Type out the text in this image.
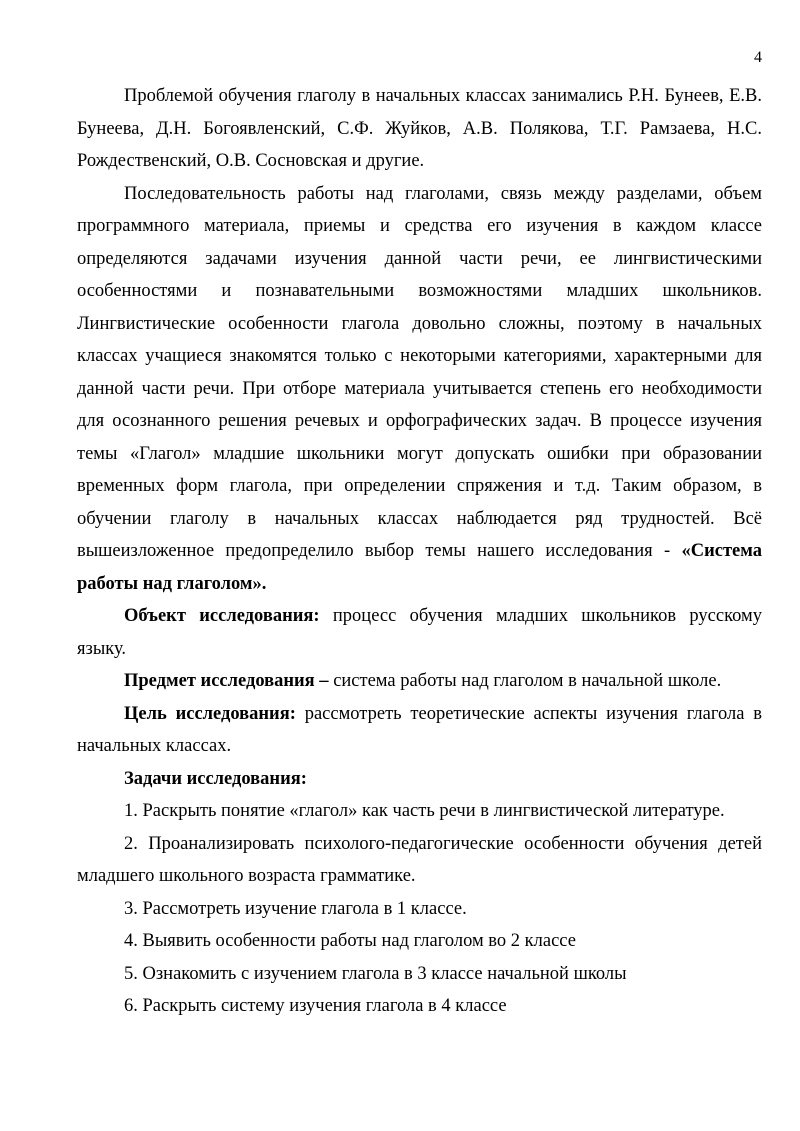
4

Проблемой обучения глаголу в начальных классах занимались Р.Н. Бунеев, Е.В. Бунеева, Д.Н. Богоявленский, С.Ф. Жуйков, А.В. Полякова, Т.Г. Рамзаева, Н.С. Рождественский, О.В. Сосновская и другие.

Последовательность работы над глаголами, связь между разделами, объем программного материала, приемы и средства его изучения в каждом классе определяются задачами изучения данной части речи, ее лингвистическими особенностями и познавательными возможностями младших школьников. Лингвистические особенности глагола довольно сложны, поэтому в начальных классах учащиеся знакомятся только с некоторыми категориями, характерными для данной части речи. При отборе материала учитывается степень его необходимости для осознанного решения речевых и орфографических задач. В процессе изучения темы «Глагол» младшие школьники могут допускать ошибки при образовании временных форм глагола, при определении спряжения и т.д. Таким образом, в обучении глаголу в начальных классах наблюдается ряд трудностей. Всё вышеизложенное предопределило выбор темы нашего исследования - «Система работы над глаголом».

Объект исследования: процесс обучения младших школьников русскому языку.

Предмет исследования – система работы над глаголом в начальной школе.

Цель исследования: рассмотреть теоретические аспекты изучения глагола в начальных классах.

Задачи исследования:

1. Раскрыть понятие «глагол» как часть речи в лингвистической литературе.

2. Проанализировать психолого-педагогические особенности обучения детей младшего школьного возраста грамматике.

3. Рассмотреть изучение глагола в 1 классе.

4. Выявить особенности работы над глаголом во 2 классе

5. Ознакомить с изучением глагола в 3 классе начальной школы

6. Раскрыть систему изучения глагола в 4 классе
